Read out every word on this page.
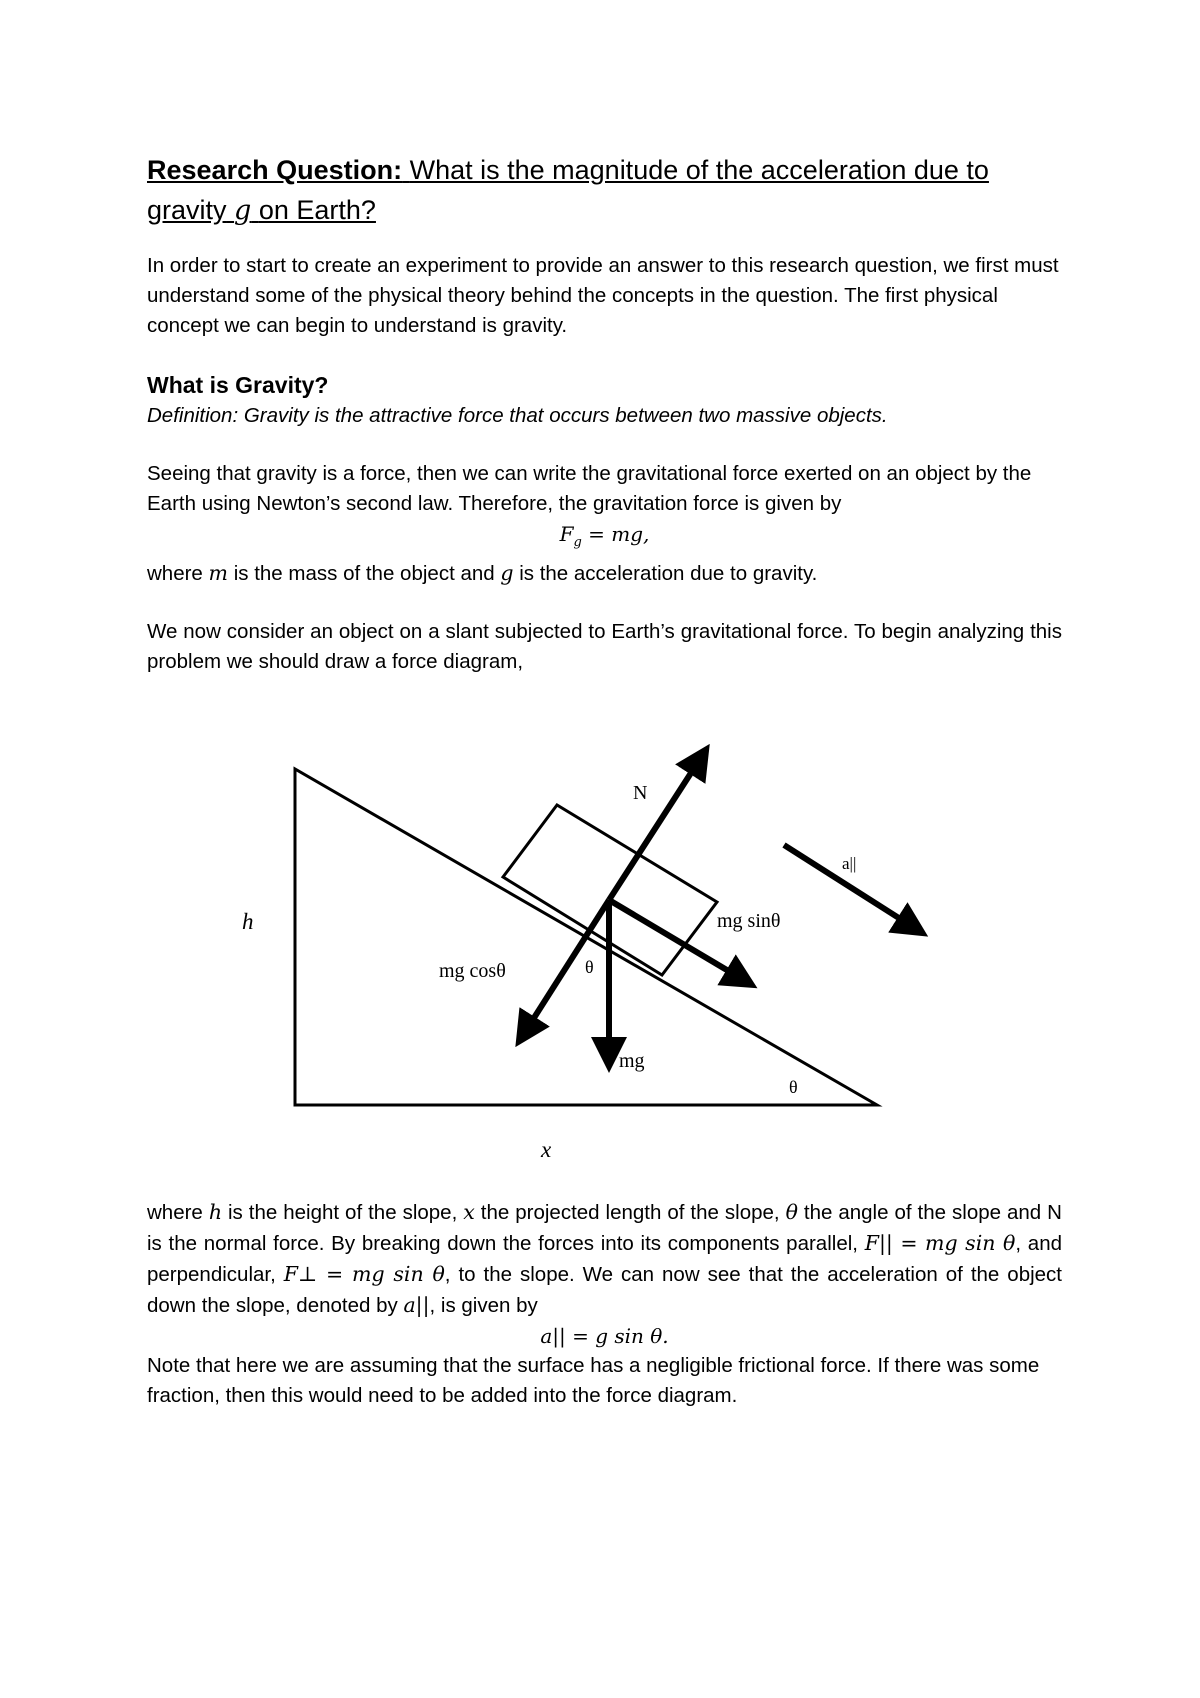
Research Question: What is the magnitude of the acceleration due to gravity g on Earth?

In order to start to create an experiment to provide an answer to this research question, we first must understand some of the physical theory behind the concepts in the question. The first physical concept we can begin to understand is gravity.

What is Gravity?

Definition: Gravity is the attractive force that occurs between two massive objects.

Seeing that gravity is a force, then we can write the gravitational force exerted on an object by the Earth using Newton’s second law. Therefore, the gravitation force is given by

$F_g$ = mg,

where m is the mass of the object and g is the acceleration due to gravity.

We now consider an object on a slant subjected to Earth’s gravitational force. To begin analyzing this problem we should draw a force diagram,

h
x
N
a||
mg sinθ
mg cosθ	θ
mg
θ

where h is the height of the slope, x the projected length of the slope, θ the angle of the slope and N is the normal force. By breaking down the forces into its components parallel, F|| = mg sin θ, and perpendicular, F⊥ = mg sin θ, to the slope. We can now see that the acceleration of the object down the slope, denoted by a||, is given by

a|| = g sin θ.

Note that here we are assuming that the surface has a negligible frictional force. If there was some fraction, then this would need to be added into the force diagram.
